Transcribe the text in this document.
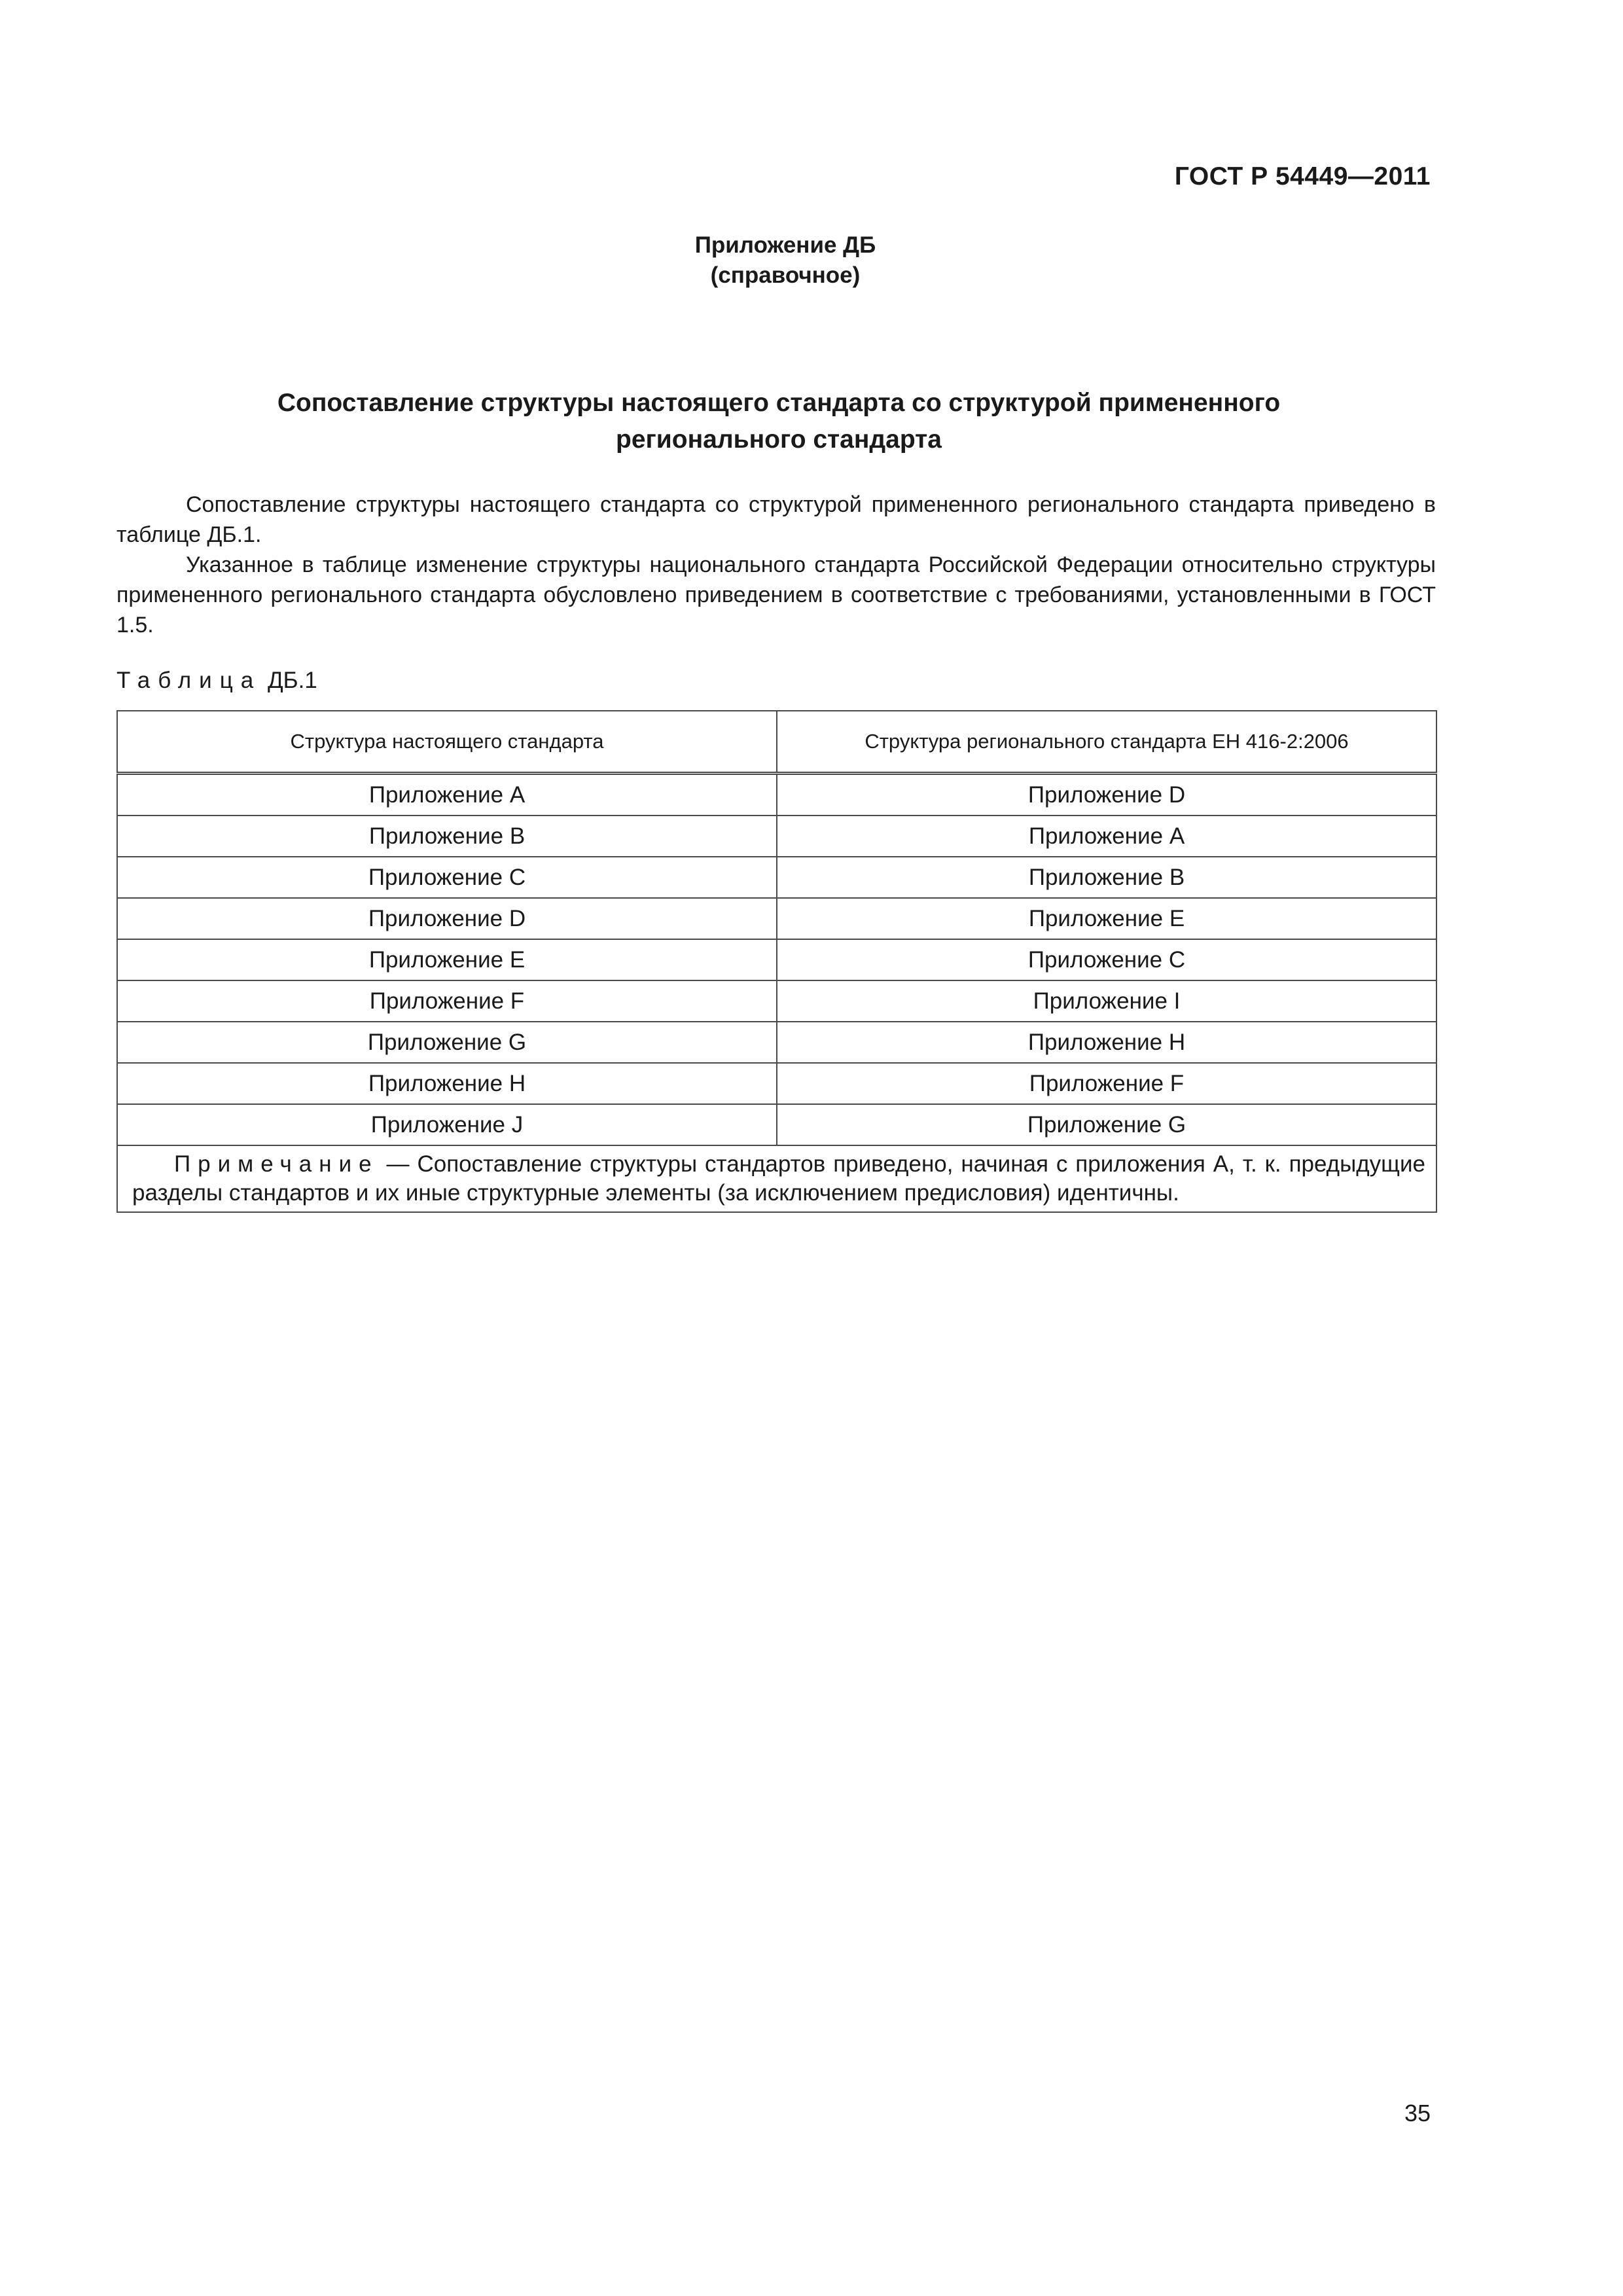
ГОСТ Р 54449—2011
Приложение ДБ
(справочное)
Сопоставление структуры настоящего стандарта со структурой примененного
регионального стандарта
Сопоставление структуры настоящего стандарта со структурой примененного регионального стандарта приведено в таблице ДБ.1.
Указанное в таблице изменение структуры национального стандарта Российской Федерации относительно структуры примененного регионального стандарта обусловлено приведением в соответствие с требованиями, установленными в ГОСТ 1.5.
Таблица ДБ.1
Структура настоящего стандарта	Структура регионального стандарта ЕН 416-2:2006
Приложение А	Приложение D
Приложение В	Приложение А
Приложение С	Приложение В
Приложение D	Приложение Е
Приложение Е	Приложение С
Приложение F	Приложение I
Приложение G	Приложение Н
Приложение Н	Приложение F
Приложение J	Приложение G
Примечание — Сопоставление структуры стандартов приведено, начиная с приложения А, т. к. предыдущие разделы стандартов и их иные структурные элементы (за исключением предисловия) идентичны.	
35
